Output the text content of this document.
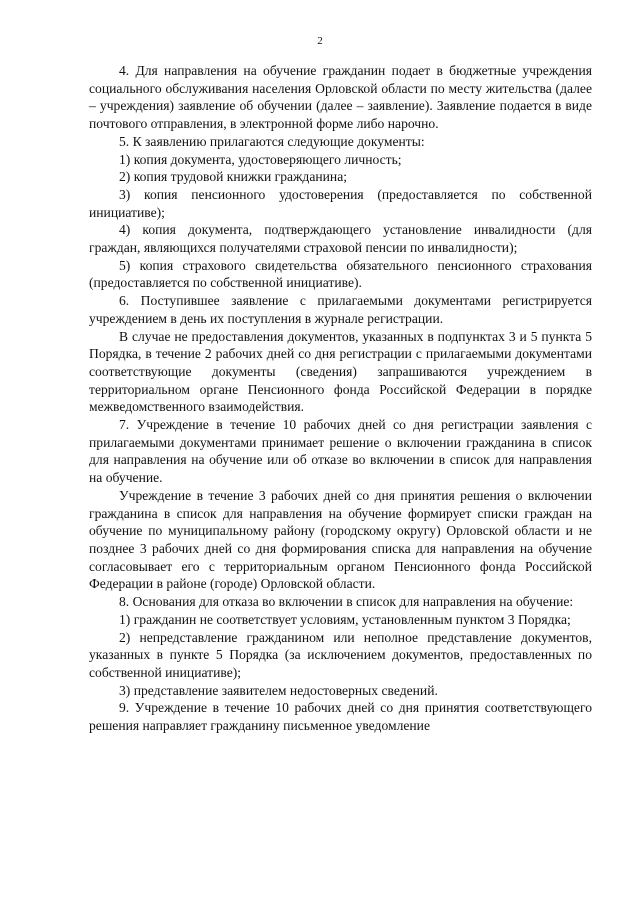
2

4. Для направления на обучение гражданин подает в бюджетные учреждения социального обслуживания населения Орловской области по месту жительства (далее – учреждения) заявление об обучении (далее – заявление). Заявление подается в виде почтового отправления, в электронной форме либо нарочно.

5. К заявлению прилагаются следующие документы:

1) копия документа, удостоверяющего личность;

2) копия трудовой книжки гражданина;

3) копия пенсионного удостоверения (предоставляется по собственной инициативе);

4) копия документа, подтверждающего установление инвалидности (для граждан, являющихся получателями страховой пенсии по инвалидности);

5) копия страхового свидетельства обязательного пенсионного страхования (предоставляется по собственной инициативе).

6. Поступившее заявление с прилагаемыми документами регистрируется учреждением в день их поступления в журнале регистрации.

В случае не предоставления документов, указанных в подпунктах 3 и 5 пункта 5 Порядка, в течение 2 рабочих дней со дня регистрации с прилагаемыми документами соответствующие документы (сведения) запрашиваются учреждением в территориальном органе Пенсионного фонда Российской Федерации в порядке межведомственного взаимодействия.

7. Учреждение в течение 10 рабочих дней со дня регистрации заявления с прилагаемыми документами принимает решение о включении гражданина в список для направления на обучение или об отказе во включении в список для направления на обучение.

Учреждение в течение 3 рабочих дней со дня принятия решения о включении гражданина в список для направления на обучение формирует списки граждан на обучение по муниципальному району (городскому округу) Орловской области и не позднее 3 рабочих дней со дня формирования списка для направления на обучение согласовывает его с территориальным органом Пенсионного фонда Российской Федерации в районе (городе) Орловской области.

8. Основания для отказа во включении в список для направления на обучение:

1) гражданин не соответствует условиям, установленным пунктом 3 Порядка;

2) непредставление гражданином или неполное представление документов, указанных в пункте 5 Порядка (за исключением документов, предоставленных по собственной инициативе);

3) представление заявителем недостоверных сведений.

9. Учреждение в течение 10 рабочих дней со дня принятия соответствующего решения направляет гражданину письменное уведомление
